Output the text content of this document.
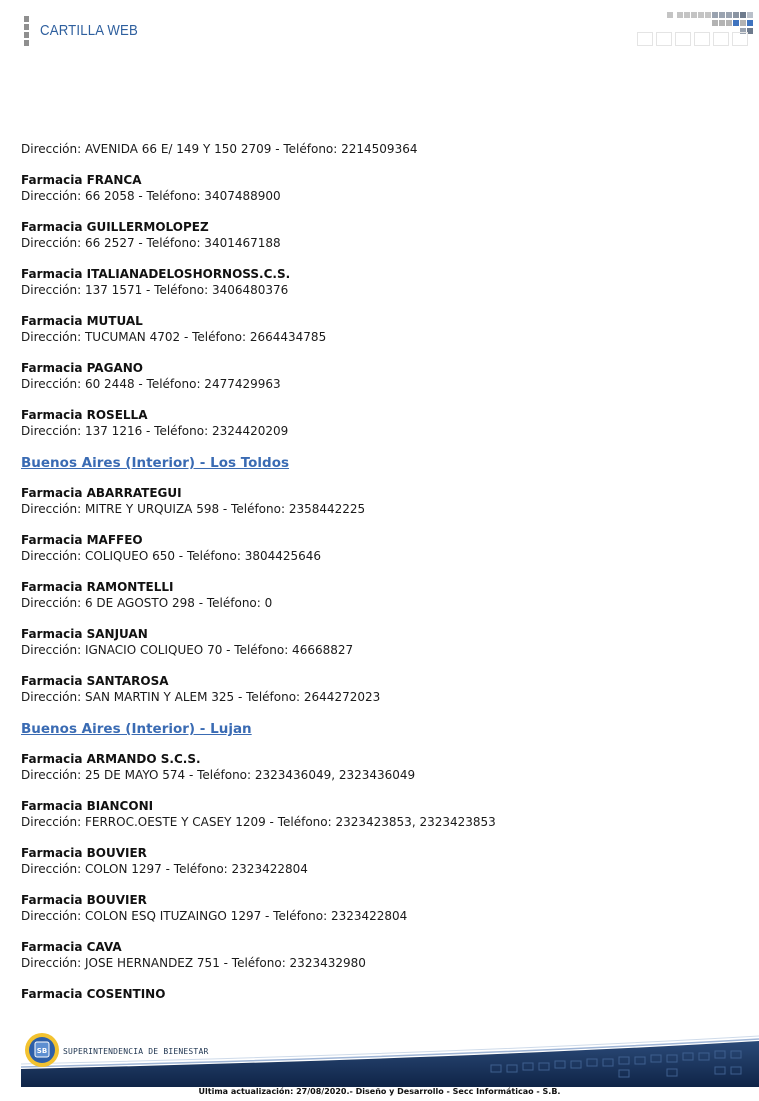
CARTILLA WEB
Dirección: AVENIDA 66 E/ 149 Y 150 2709 - Teléfono: 2214509364
Farmacia FRANCA
Dirección: 66 2058 - Teléfono: 3407488900
Farmacia GUILLERMOLOPEZ
Dirección: 66 2527 - Teléfono: 3401467188
Farmacia ITALIANADELOSHORNOSS.C.S.
Dirección: 137 1571 - Teléfono: 3406480376
Farmacia MUTUAL
Dirección: TUCUMAN 4702 - Teléfono: 2664434785
Farmacia PAGANO
Dirección: 60 2448 - Teléfono: 2477429963
Farmacia ROSELLA
Dirección: 137 1216 - Teléfono: 2324420209
Buenos Aires (Interior) - Los Toldos
Farmacia ABARRATEGUI
Dirección: MITRE Y URQUIZA 598 - Teléfono: 2358442225
Farmacia MAFFEO
Dirección: COLIQUEO 650 - Teléfono: 3804425646
Farmacia RAMONTELLI
Dirección: 6 DE AGOSTO 298 - Teléfono: 0
Farmacia SANJUAN
Dirección: IGNACIO COLIQUEO 70 - Teléfono: 46668827
Farmacia SANTAROSA
Dirección: SAN MARTIN Y ALEM 325 - Teléfono: 2644272023
Buenos Aires (Interior) - Lujan
Farmacia ARMANDO S.C.S.
Dirección: 25 DE MAYO 574 - Teléfono: 2323436049, 2323436049
Farmacia BIANCONI
Dirección: FERROC.OESTE Y CASEY 1209 - Teléfono: 2323423853, 2323423853
Farmacia BOUVIER
Dirección: COLON 1297 - Teléfono: 2323422804
Farmacia BOUVIER
Dirección: COLON ESQ ITUZAINGO 1297 - Teléfono: 2323422804
Farmacia CAVA
Dirección: JOSE HERNANDEZ 751 - Teléfono: 2323432980
Farmacia COSENTINO
SB SUPERINTENDENCIA DE BIENESTAR
Ultima actualización: 27/08/2020.- Diseño y Desarrollo - Secc Informáticao - S.B.
